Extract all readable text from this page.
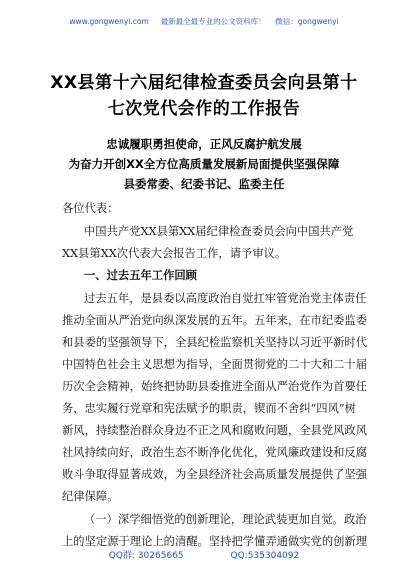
www.gongwenyi.com 最新最全最专业的公文资料库！ 微信：gongwenyi
XX县第十六届纪律检查委员会向县第十
七次党代会作的工作报告
忠诚履职勇担使命，正风反腐护航发展
为奋力开创XX全方位高质量发展新局面提供坚强保障
县委常委、纪委书记、监委主任
各位代表：
中国共产党XX县第XX届纪律检查委员会向中国共产党
XX县第XX次代表大会报告工作，请予审议。
一、过去五年工作回顾
过去五年，是县委以高度政治自觉扛牢管党治党主体责任
推动全面从严治党向纵深发展的五年。五年来，在市纪委监委
和县委的坚强领导下，全县纪检监察机关坚持以习近平新时代
中国特色社会主义思想为指导，全面贯彻党的二十大和二十届
历次全会精神，始终把协助县委推进全面从严治党作为首要任
务，忠实履行党章和宪法赋予的职责，锲而不舍纠“四风”树
新风，持续整治群众身边不正之风和腐败问题，全县党风政风
社风持续向好，政治生态不断净化优化，党风廉政建设和反腐
败斗争取得显著成效，为全县经济社会高质量发展提供了坚强
纪律保障。
（一）深学细悟党的创新理论，理论武装更加自觉。政治
上的坚定源于理论上的清醒。坚持把学懂弄通做实党的创新理
QQ群: 30265665	QQ:535304092
